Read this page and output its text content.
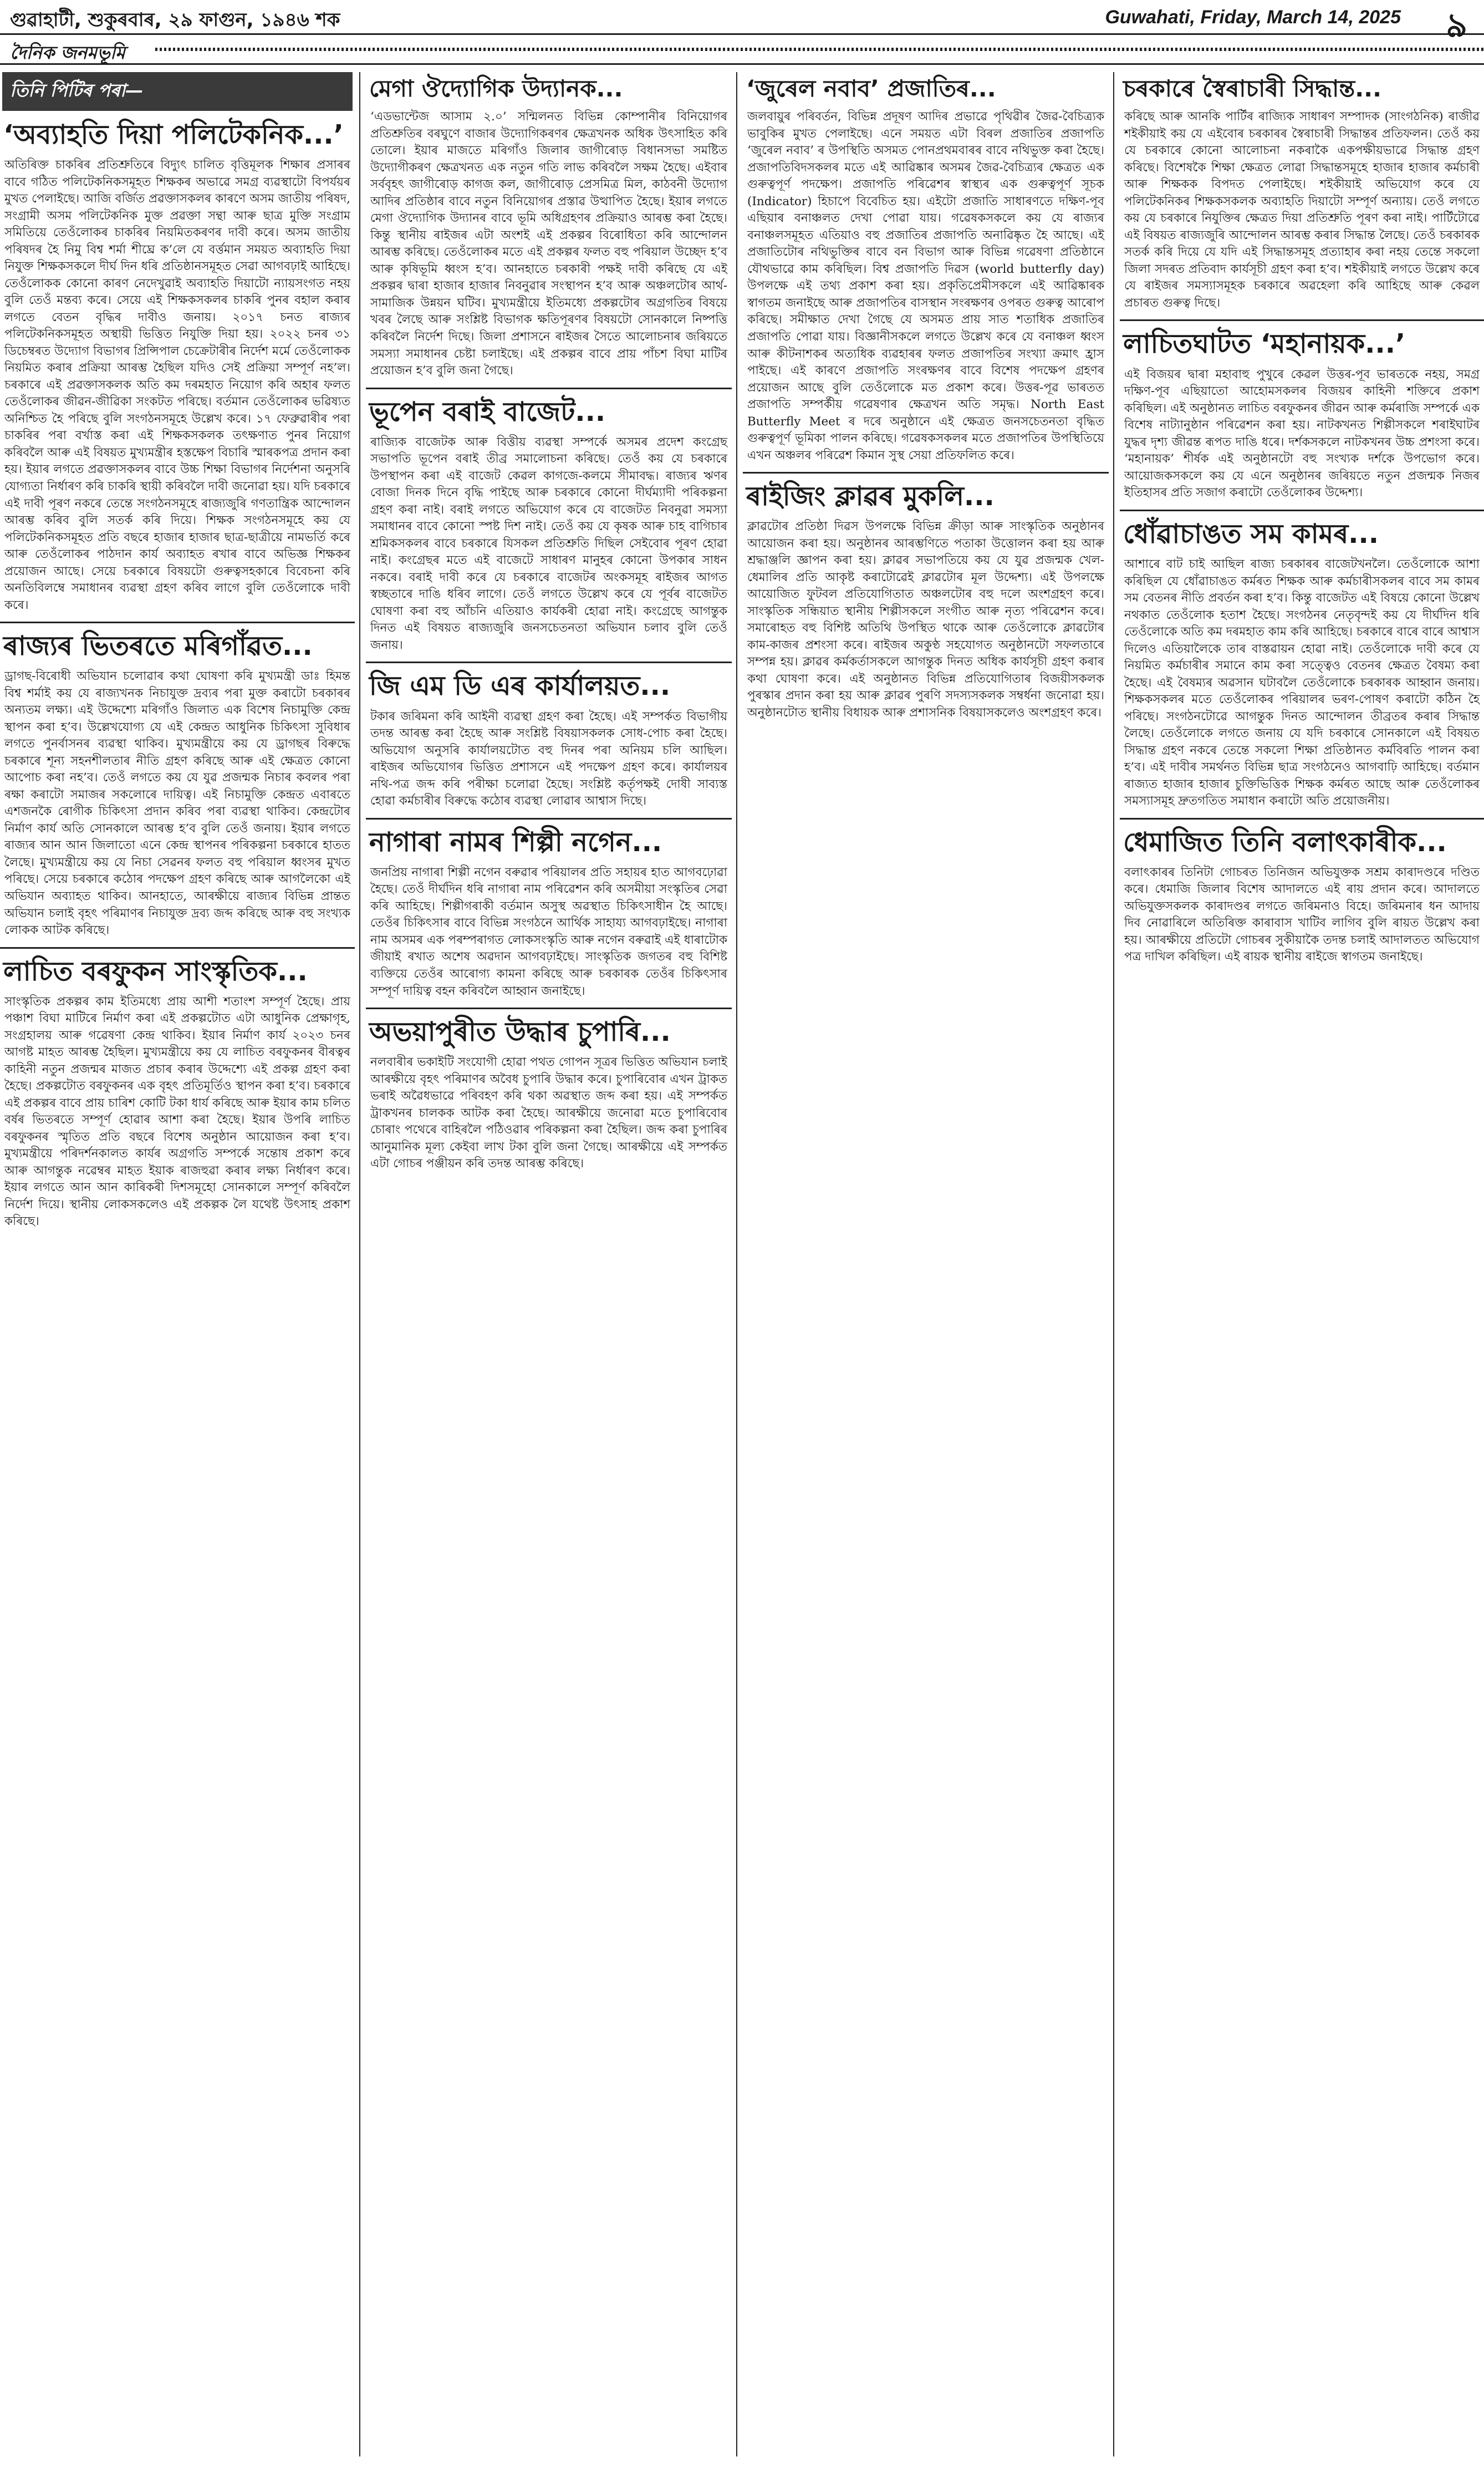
গুৱাহাটী, শুকুৰবাৰ, ২৯ ফাগুন, ১৯৪৬ শক	Guwahati, Friday, March 14, 2025 ৯
দৈনিক জনমভূমি
তিনি পিটিৰ পৰা—
‘অব্যাহতি দিয়া পলিটেকনিক...’
অতিৰিক্ত চাকৰিৰ প্ৰতিশ্ৰুতিৰে বিদ্যুৎ চালিত বৃত্তিমূলক শিক্ষাৰ প্ৰসাৰৰ বাবে গঠিত পলিটেকনিকসমূহত শিক্ষকৰ অভাৱে সমগ্ৰ ব্যৱস্থাটো বিপৰ্যয়ৰ মুখত পেলাইছে। আজি বৰ্জিত প্ৰৱক্তাসকলৰ কাৰণে অসম জাতীয় পৰিষদ, সংগ্ৰামী অসম পলিটেকনিক মুক্ত প্ৰৱক্তা সন্থা আৰু ছাত্ৰ মুক্তি সংগ্ৰাম সমিতিয়ে তেওঁলোকৰ চাকৰিৰ নিয়মিতকৰণৰ দাবী কৰে। অসম জাতীয় পৰিষদৰ হৈ নিমু বিশ্ব শৰ্মা শীঘ্ৰে ক’লে যে বৰ্ত্তমান সময়ত অব্যাহতি দিয়া নিযুক্ত শিক্ষকসকলে দীৰ্ঘ দিন ধৰি প্ৰতিষ্ঠানসমূহত সেৱা আগবঢ়াই আহিছে। তেওঁলোকক কোনো কাৰণ নেদেখুৱাই অব্যাহতি দিয়াটো ন্যায়সংগত নহয় বুলি তেওঁ মন্তব্য কৰে। সেয়ে এই শিক্ষকসকলৰ চাকৰি পুনৰ বহাল কৰাৰ লগতে বেতন বৃদ্ধিৰ দাবীও জনায়। ২০১৭ চনত ৰাজ্যৰ পলিটেকনিকসমূহত অস্থায়ী ভিত্তিত নিযুক্তি দিয়া হয়। ২০২২ চনৰ ৩১ ডিচেম্বৰত উদ্যোগ বিভাগৰ প্ৰিন্সিপাল চেক্ৰেটাৰীৰ নিৰ্দেশ মৰ্মে তেওঁলোকক নিয়মিত কৰাৰ প্ৰক্ৰিয়া আৰম্ভ হৈছিল যদিও সেই প্ৰক্ৰিয়া সম্পূৰ্ণ নহ’ল। চৰকাৰে এই প্ৰৱক্তাসকলক অতি কম দৰমহাত নিয়োগ কৰি অহাৰ ফলত তেওঁলোকৰ জীৱন-জীৱিকা সংকটত পৰিছে। বৰ্তমান তেওঁলোকৰ ভৱিষ্যত অনিশ্চিত হৈ পৰিছে বুলি সংগঠনসমূহে উল্লেখ কৰে। ১৭ ফেব্ৰুৱাৰীৰ পৰা চাকৰিৰ পৰা বৰ্খাস্ত কৰা এই শিক্ষকসকলক তৎক্ষণাত পুনৰ নিয়োগ কৰিবলৈ আৰু এই বিষয়ত মুখ্যমন্ত্ৰীৰ হস্তক্ষেপ বিচাৰি স্মাৰকপত্ৰ প্ৰদান কৰা হয়। ইয়াৰ লগতে প্ৰৱক্তাসকলৰ বাবে উচ্চ শিক্ষা বিভাগৰ নিৰ্দেশনা অনুসৰি যোগ্যতা নিৰ্ধাৰণ কৰি চাকৰি স্থায়ী কৰিবলৈ দাবী জনোৱা হয়। যদি চৰকাৰে এই দাবী পূৰণ নকৰে তেন্তে সংগঠনসমূহে ৰাজ্যজুৰি গণতান্ত্ৰিক আন্দোলন আৰম্ভ কৰিব বুলি সতৰ্ক কৰি দিয়ে। শিক্ষক সংগঠনসমূহে কয় যে পলিটেকনিকসমূহত প্ৰতি বছৰে হাজাৰ হাজাৰ ছাত্ৰ-ছাত্ৰীয়ে নামভৰ্তি কৰে আৰু তেওঁলোকৰ পাঠদান কাৰ্য অব্যাহত ৰখাৰ বাবে অভিজ্ঞ শিক্ষকৰ প্ৰয়োজন আছে। সেয়ে চৰকাৰে বিষয়টো গুৰুত্বসহকাৰে বিবেচনা কৰি অনতিবিলম্বে সমাধানৰ ব্যৱস্থা গ্ৰহণ কৰিব লাগে বুলি তেওঁলোকে দাবী কৰে।
ৰাজ্যৰ ভিতৰতে মৰিগাঁৱত...
ড্ৰাগছ-বিৰোধী অভিযান চলোৱাৰ কথা ঘোষণা কৰি মুখ্যমন্ত্ৰী ডাঃ হিমন্ত বিশ্ব শৰ্মাই কয় যে ৰাজ্যখনক নিচাযুক্ত দ্ৰব্যৰ পৰা মুক্ত কৰাটো চৰকাৰৰ অন্যতম লক্ষ্য। এই উদ্দেশ্যে মৰিগাঁও জিলাত এক বিশেষ নিচামুক্তি কেন্দ্ৰ স্থাপন কৰা হ’ব। উল্লেখযোগ্য যে এই কেন্দ্ৰত আধুনিক চিকিৎসা সুবিধাৰ লগতে পুনৰ্বাসনৰ ব্যৱস্থা থাকিব। মুখ্যমন্ত্ৰীয়ে কয় যে ড্ৰাগছৰ বিৰুদ্ধে চৰকাৰে শূন্য সহনশীলতাৰ নীতি গ্ৰহণ কৰিছে আৰু এই ক্ষেত্ৰত কোনো আপোচ কৰা নহ’ব। তেওঁ লগতে কয় যে যুৱ প্ৰজন্মক নিচাৰ কবলৰ পৰা ৰক্ষা কৰাটো সমাজৰ সকলোৰে দায়িত্ব। এই নিচামুক্তি কেন্দ্ৰত এবাৰতে এশজনকৈ ৰোগীক চিকিৎসা প্ৰদান কৰিব পৰা ব্যৱস্থা থাকিব। কেন্দ্ৰটোৰ নিৰ্মাণ কাৰ্য অতি সোনকালে আৰম্ভ হ’ব বুলি তেওঁ জনায়। ইয়াৰ লগতে ৰাজ্যৰ আন আন জিলাতো এনে কেন্দ্ৰ স্থাপনৰ পৰিকল্পনা চৰকাৰে হাতত লৈছে। মুখ্যমন্ত্ৰীয়ে কয় যে নিচা সেৱনৰ ফলত বহু পৰিয়াল ধ্বংসৰ মুখত পৰিছে। সেয়ে চৰকাৰে কঠোৰ পদক্ষেপ গ্ৰহণ কৰিছে আৰু আগলৈকো এই অভিযান অব্যাহত থাকিব। আনহাতে, আৰক্ষীয়ে ৰাজ্যৰ বিভিন্ন প্ৰান্তত অভিযান চলাই বৃহৎ পৰিমাণৰ নিচাযুক্ত দ্ৰব্য জব্দ কৰিছে আৰু বহু সংখ্যক লোকক আটক কৰিছে।
লাচিত বৰফুকন সাংস্কৃতিক...
সাংস্কৃতিক প্ৰকল্পৰ কাম ইতিমধ্যে প্ৰায় আশী শতাংশ সম্পূৰ্ণ হৈছে। প্ৰায় পঞ্চাশ বিঘা মাটিৰে নিৰ্মাণ কৰা এই প্ৰকল্পটোত এটা আধুনিক প্ৰেক্ষাগৃহ, সংগ্ৰহালয় আৰু গৱেষণা কেন্দ্ৰ থাকিব। ইয়াৰ নিৰ্মাণ কাৰ্য ২০২৩ চনৰ আগষ্ট মাহত আৰম্ভ হৈছিল। মুখ্যমন্ত্ৰীয়ে কয় যে লাচিত বৰফুকনৰ বীৰত্বৰ কাহিনী নতুন প্ৰজন্মৰ মাজত প্ৰচাৰ কৰাৰ উদ্দেশ্যে এই প্ৰকল্প গ্ৰহণ কৰা হৈছে। প্ৰকল্পটোত বৰফুকনৰ এক বৃহৎ প্ৰতিমূৰ্তিও স্থাপন কৰা হ’ব। চৰকাৰে এই প্ৰকল্পৰ বাবে প্ৰায় চাৰিশ কোটি টকা ধাৰ্য কৰিছে আৰু ইয়াৰ কাম চলিত বৰ্ষৰ ভিতৰতে সম্পূৰ্ণ হোৱাৰ আশা কৰা হৈছে। ইয়াৰ উপৰি লাচিত বৰফুকনৰ স্মৃতিত প্ৰতি বছৰে বিশেষ অনুষ্ঠান আয়োজন কৰা হ’ব। মুখ্যমন্ত্ৰীয়ে পৰিদৰ্শনকালত কাৰ্যৰ অগ্ৰগতি সম্পৰ্কে সন্তোষ প্ৰকাশ কৰে আৰু আগন্তুক নৱেম্বৰ মাহত ইয়াক ৰাজহুৱা কৰাৰ লক্ষ্য নিৰ্ধাৰণ কৰে। ইয়াৰ লগতে আন আন কাৰিকৰী দিশসমূহো সোনকালে সম্পূৰ্ণ কৰিবলৈ নিৰ্দেশ দিয়ে। স্থানীয় লোকসকলেও এই প্ৰকল্পক লৈ যথেষ্ট উৎসাহ প্ৰকাশ কৰিছে।
মেগা ঔদ্যোগিক উদ্যানক...
‘এডভান্টেজ আসাম ২.০’ সন্মিলনত বিভিন্ন কোম্পানীৰ বিনিয়োগৰ প্ৰতিশ্ৰুতিৰ বৰঘুণে বাজাৰ উদ্যোগিকৰণৰ ক্ষেত্ৰখনক অধিক উৎসাহিত কৰি তোলে। ইয়াৰ মাজতে মৰিগাঁও জিলাৰ জাগীৰোড় বিধানসভা সমষ্টিত উদ্যোগীকৰণ ক্ষেত্ৰখনত এক নতুন গতি লাভ কৰিবলৈ সক্ষম হৈছে। এইবাৰ সৰ্ববৃহৎ জাগীৰোড় কাগজ কল, জাগীৰোড় প্ৰেসমিত্ৰ মিল, কাঠবনী উদ্যোগ আদিৰ প্ৰতিষ্ঠাৰ বাবে নতুন বিনিয়োগৰ প্ৰস্তাৱ উত্থাপিত হৈছে। ইয়াৰ লগতে মেগা ঔদ্যোগিক উদ্যানৰ বাবে ভূমি অধিগ্ৰহণৰ প্ৰক্ৰিয়াও আৰম্ভ কৰা হৈছে। কিন্তু স্থানীয় ৰাইজৰ এটা অংশই এই প্ৰকল্পৰ বিৰোধিতা কৰি আন্দোলন আৰম্ভ কৰিছে। তেওঁলোকৰ মতে এই প্ৰকল্পৰ ফলত বহু পৰিয়াল উচ্ছেদ হ’ব আৰু কৃষিভূমি ধ্বংস হ’ব। আনহাতে চৰকাৰী পক্ষই দাবী কৰিছে যে এই প্ৰকল্পৰ দ্বাৰা হাজাৰ হাজাৰ নিবনুৱাৰ সংস্থাপন হ’ব আৰু অঞ্চলটোৰ আৰ্থ-সামাজিক উন্নয়ন ঘটিব। মুখ্যমন্ত্ৰীয়ে ইতিমধ্যে প্ৰকল্পটোৰ অগ্ৰগতিৰ বিষয়ে খবৰ লৈছে আৰু সংশ্লিষ্ট বিভাগক ক্ষতিপূৰণৰ বিষয়টো সোনকালে নিষ্পত্তি কৰিবলৈ নিৰ্দেশ দিছে। জিলা প্ৰশাসনে ৰাইজৰ সৈতে আলোচনাৰ জৰিয়তে সমস্যা সমাধানৰ চেষ্টা চলাইছে। এই প্ৰকল্পৰ বাবে প্ৰায় পাঁচশ বিঘা মাটিৰ প্ৰয়োজন হ’ব বুলি জনা গৈছে।
ভূপেন বৰাই বাজেট...
ৰাজ্যিক বাজেটক আৰু বিত্তীয় ব্যৱস্থা সম্পৰ্কে অসমৰ প্ৰদেশ কংগ্ৰেছ সভাপতি ভূপেন বৰাই তীব্ৰ সমালোচনা কৰিছে। তেওঁ কয় যে চৰকাৰে উপস্থাপন কৰা এই বাজেট কেৱল কাগজে-কলমে সীমাবদ্ধ। ৰাজ্যৰ ঋণৰ বোজা দিনক দিনে বৃদ্ধি পাইছে আৰু চৰকাৰে কোনো দীৰ্ঘম্যাদী পৰিকল্পনা গ্ৰহণ কৰা নাই। বৰাই লগতে অভিযোগ কৰে যে বাজেটত নিবনুৱা সমস্যা সমাধানৰ বাবে কোনো স্পষ্ট দিশ নাই। তেওঁ কয় যে কৃষক আৰু চাহ বাগিচাৰ শ্ৰমিকসকলৰ বাবে চৰকাৰে যিসকল প্ৰতিশ্ৰুতি দিছিল সেইবোৰ পূৰণ হোৱা নাই। কংগ্ৰেছৰ মতে এই বাজেটে সাধাৰণ মানুহৰ কোনো উপকাৰ সাধন নকৰে। বৰাই দাবী কৰে যে চৰকাৰে বাজেটৰ অংকসমূহ ৰাইজৰ আগত স্বচ্ছতাৰে দাঙি ধৰিব লাগে। তেওঁ লগতে উল্লেখ কৰে যে পূৰ্বৰ বাজেটত ঘোষণা কৰা বহু আঁচনি এতিয়াও কাৰ্যকৰী হোৱা নাই। কংগ্ৰেছে আগন্তুক দিনত এই বিষয়ত ৰাজ্যজুৰি জনসচেতনতা অভিযান চলাব বুলি তেওঁ জনায়।
জি এম ডি এৰ কাৰ্যালয়ত...
টকাৰ জৰিমনা কৰি আইনী ব্যৱস্থা গ্ৰহণ কৰা হৈছে। এই সম্পৰ্কত বিভাগীয় তদন্ত আৰম্ভ কৰা হৈছে আৰু সংশ্লিষ্ট বিষয়াসকলক সোধ-পোচ কৰা হৈছে। অভিযোগ অনুসৰি কাৰ্যালয়টোত বহু দিনৰ পৰা অনিয়ম চলি আছিল। ৰাইজৰ অভিযোগৰ ভিত্তিত প্ৰশাসনে এই পদক্ষেপ গ্ৰহণ কৰে। কাৰ্যালয়ৰ নথি-পত্ৰ জব্দ কৰি পৰীক্ষা চলোৱা হৈছে। সংশ্লিষ্ট কৰ্তৃপক্ষই দোষী সাব্যস্ত হোৱা কৰ্মচাৰীৰ বিৰুদ্ধে কঠোৰ ব্যৱস্থা লোৱাৰ আশ্বাস দিছে।
নাগাৰা নামৰ শিল্পী নগেন...
জনপ্ৰিয় নাগাৰা শিল্পী নগেন বৰুৱাৰ পৰিয়ালৰ প্ৰতি সহায়ৰ হাত আগবঢ়োৱা হৈছে। তেওঁ দীৰ্ঘদিন ধৰি নাগাৰা নাম পৰিৱেশন কৰি অসমীয়া সংস্কৃতিৰ সেৱা কৰি আহিছে। শিল্পীগৰাকী বৰ্তমান অসুস্থ অৱস্থাত চিকিৎসাধীন হৈ আছে। তেওঁৰ চিকিৎসাৰ বাবে বিভিন্ন সংগঠনে আৰ্থিক সাহায্য আগবঢ়াইছে। নাগাৰা নাম অসমৰ এক পৰম্পৰাগত লোকসংস্কৃতি আৰু নগেন বৰুৱাই এই ধাৰাটোক জীয়াই ৰখাত অশেষ অৱদান আগবঢ়াইছে। সাংস্কৃতিক জগতৰ বহু বিশিষ্ট ব্যক্তিয়ে তেওঁৰ আৰোগ্য কামনা কৰিছে আৰু চৰকাৰক তেওঁৰ চিকিৎসাৰ সম্পূৰ্ণ দায়িত্ব বহন কৰিবলৈ আহ্বান জনাইছে।
অভয়াপুৰীত উদ্ধাৰ চুপাৰি...
নলবাৰীৰ ভকাইটি সংযোগী হোৱা পথত গোপন সূত্ৰৰ ভিত্তিত অভিযান চলাই আৰক্ষীয়ে বৃহৎ পৰিমাণৰ অবৈধ চুপাৰি উদ্ধাৰ কৰে। চুপাৰিবোৰ এখন ট্ৰাকত ভৰাই অৱৈধভাৱে পৰিবহণ কৰি থকা অৱস্থাত জব্দ কৰা হয়। এই সম্পৰ্কত ট্ৰাকখনৰ চালকক আটক কৰা হৈছে। আৰক্ষীয়ে জনোৱা মতে চুপাৰিবোৰ চোৰাং পথেৰে বাহিৰলৈ পঠিওৱাৰ পৰিকল্পনা কৰা হৈছিল। জব্দ কৰা চুপাৰিৰ আনুমানিক মূল্য কেইবা লাখ টকা বুলি জনা গৈছে। আৰক্ষীয়ে এই সম্পৰ্কত এটা গোচৰ পঞ্জীয়ন কৰি তদন্ত আৰম্ভ কৰিছে।
‘জুৰেল নবাব’ প্ৰজাতিৰ...
জলবায়ুৰ পৰিবৰ্তন, বিভিন্ন প্ৰদূষণ আদিৰ প্ৰভাৱে পৃথিৱীৰ জৈৱ-বৈচিত্ৰ্যক ভাবুকিৰ মুখত পেলাইছে। এনে সময়ত এটা বিৰল প্ৰজাতিৰ প্ৰজাপতি ‘জুৰেল নবাব’ ৰ উপস্থিতি অসমত পোনপ্ৰথমবাৰৰ বাবে নথিভুক্ত কৰা হৈছে। প্ৰজাপতিবিদসকলৰ মতে এই আৱিষ্কাৰ অসমৰ জৈৱ-বৈচিত্ৰ্যৰ ক্ষেত্ৰত এক গুৰুত্বপূৰ্ণ পদক্ষেপ। প্ৰজাপতি পৰিৱেশৰ স্বাস্থ্যৰ এক গুৰুত্বপূৰ্ণ সূচক (Indicator) হিচাপে বিবেচিত হয়। এইটো প্ৰজাতি সাধাৰণতে দক্ষিণ-পূব এছিয়াৰ বনাঞ্চলত দেখা পোৱা যায়। গৱেষকসকলে কয় যে ৰাজ্যৰ বনাঞ্চলসমূহত এতিয়াও বহু প্ৰজাতিৰ প্ৰজাপতি অনাৱিষ্কৃত হৈ আছে। এই প্ৰজাতিটোৰ নথিভুক্তিৰ বাবে বন বিভাগ আৰু বিভিন্ন গৱেষণা প্ৰতিষ্ঠানে যৌথভাৱে কাম কৰিছিল। বিশ্ব প্ৰজাপতি দিৱস (world butterfly day) উপলক্ষে এই তথ্য প্ৰকাশ কৰা হয়। প্ৰকৃতিপ্ৰেমীসকলে এই আৱিষ্কাৰক স্বাগতম জনাইছে আৰু প্ৰজাপতিৰ বাসস্থান সংৰক্ষণৰ ওপৰত গুৰুত্ব আৰোপ কৰিছে। সমীক্ষাত দেখা গৈছে যে অসমত প্ৰায় সাত শতাধিক প্ৰজাতিৰ প্ৰজাপতি পোৱা যায়। বিজ্ঞানীসকলে লগতে উল্লেখ কৰে যে বনাঞ্চল ধ্বংস আৰু কীটনাশকৰ অত্যধিক ব্যৱহাৰৰ ফলত প্ৰজাপতিৰ সংখ্যা ক্ৰমাৎ হ্ৰাস পাইছে। এই কাৰণে প্ৰজাপতি সংৰক্ষণৰ বাবে বিশেষ পদক্ষেপ গ্ৰহণৰ প্ৰয়োজন আছে বুলি তেওঁলোকে মত প্ৰকাশ কৰে। উত্তৰ-পূৱ ভাৰতত প্ৰজাপতি সম্পৰ্কীয় গৱেষণাৰ ক্ষেত্ৰখন অতি সমৃদ্ধ। North East Butterfly Meet ৰ দৰে অনুষ্ঠানে এই ক্ষেত্ৰত জনসচেতনতা বৃদ্ধিত গুৰুত্বপূৰ্ণ ভূমিকা পালন কৰিছে। গৱেষকসকলৰ মতে প্ৰজাপতিৰ উপস্থিতিয়ে এখন অঞ্চলৰ পৰিৱেশ কিমান সুস্থ সেয়া প্ৰতিফলিত কৰে।
ৰাইজিং ক্লাৱৰ মুকলি...
ক্লাৱটোৰ প্ৰতিষ্ঠা দিৱস উপলক্ষে বিভিন্ন ক্ৰীড়া আৰু সাংস্কৃতিক অনুষ্ঠানৰ আয়োজন কৰা হয়। অনুষ্ঠানৰ আৰম্ভণিতে পতাকা উত্তোলন কৰা হয় আৰু শ্ৰদ্ধাঞ্জলি জ্ঞাপন কৰা হয়। ক্লাৱৰ সভাপতিয়ে কয় যে যুৱ প্ৰজন্মক খেল-ধেমালিৰ প্ৰতি আকৃষ্ট কৰাটোৱেই ক্লাৱটোৰ মূল উদ্দেশ্য। এই উপলক্ষে আয়োজিত ফুটবল প্ৰতিযোগিতাত অঞ্চলটোৰ বহু দলে অংশগ্ৰহণ কৰে। সাংস্কৃতিক সন্ধিয়াত স্থানীয় শিল্পীসকলে সংগীত আৰু নৃত্য পৰিৱেশন কৰে। সমাৰোহত বহু বিশিষ্ট অতিথি উপস্থিত থাকে আৰু তেওঁলোকে ক্লাৱটোৰ কাম-কাজৰ প্ৰশংসা কৰে। ৰাইজৰ অকুণ্ঠ সহযোগত অনুষ্ঠানটো সফলতাৰে সম্পন্ন হয়। ক্লাৱৰ কৰ্মকৰ্তাসকলে আগন্তুক দিনত অধিক কাৰ্যসূচী গ্ৰহণ কৰাৰ কথা ঘোষণা কৰে। এই অনুষ্ঠানত বিভিন্ন প্ৰতিযোগিতাৰ বিজয়ীসকলক পুৰস্কাৰ প্ৰদান কৰা হয় আৰু ক্লাৱৰ পুৰণি সদস্যসকলক সম্বৰ্ধনা জনোৱা হয়। অনুষ্ঠানটোত স্থানীয় বিধায়ক আৰু প্ৰশাসনিক বিষয়াসকলেও অংশগ্ৰহণ কৰে।
চৰকাৰে স্বৈৰাচাৰী সিদ্ধান্ত...
কৰিছে আৰু আনকি পার্টিৰ ৰাজ্যিক সাধাৰণ সম্পাদক (সাংগঠনিক) ৰাজীৱ শইকীয়াই কয় যে এইবোৰ চৰকাৰৰ স্বৈৰাচাৰী সিদ্ধান্তৰ প্ৰতিফলন। তেওঁ কয় যে চৰকাৰে কোনো আলোচনা নকৰাকৈ একপক্ষীয়ভাৱে সিদ্ধান্ত গ্ৰহণ কৰিছে। বিশেষকৈ শিক্ষা ক্ষেত্ৰত লোৱা সিদ্ধান্তসমূহে হাজাৰ হাজাৰ কৰ্মচাৰী আৰু শিক্ষকক বিপদত পেলাইছে। শইকীয়াই অভিযোগ কৰে যে পলিটেকনিকৰ শিক্ষকসকলক অব্যাহতি দিয়াটো সম্পূৰ্ণ অন্যায়। তেওঁ লগতে কয় যে চৰকাৰে নিযুক্তিৰ ক্ষেত্ৰত দিয়া প্ৰতিশ্ৰুতি পূৰণ কৰা নাই। পার্টিটোৱে এই বিষয়ত ৰাজ্যজুৰি আন্দোলন আৰম্ভ কৰাৰ সিদ্ধান্ত লৈছে। তেওঁ চৰকাৰক সতৰ্ক কৰি দিয়ে যে যদি এই সিদ্ধান্তসমূহ প্ৰত্যাহাৰ কৰা নহয় তেন্তে সকলো জিলা সদৰত প্ৰতিবাদ কাৰ্যসূচী গ্ৰহণ কৰা হ’ব। শইকীয়াই লগতে উল্লেখ কৰে যে ৰাইজৰ সমস্যাসমূহক চৰকাৰে অৱহেলা কৰি আহিছে আৰু কেৱল প্ৰচাৰত গুৰুত্ব দিছে।
লাচিতঘাটত ‘মহানায়ক...’
এই বিজয়ৰ দ্বাৰা মহাবাহু পুখুৰে কেৱল উত্তৰ-পূব ভাৰতকে নহয়, সমগ্ৰ দক্ষিণ-পূব এছিয়াতো আহোমসকলৰ বিজয়ৰ কাহিনী শক্তিৰে প্ৰকাশ কৰিছিল। এই অনুষ্ঠানত লাচিত বৰফুকনৰ জীৱন আৰু কৰ্মৰাজি সম্পৰ্কে এক বিশেষ নাট্যানুষ্ঠান পৰিৱেশন কৰা হয়। নাটকখনত শিল্পীসকলে শৰাইঘাটৰ যুদ্ধৰ দৃশ্য জীৱন্ত ৰূপত দাঙি ধৰে। দৰ্শকসকলে নাটকখনৰ উচ্চ প্ৰশংসা কৰে। ‘মহানায়ক’ শীৰ্ষক এই অনুষ্ঠানটো বহু সংখ্যক দৰ্শকে উপভোগ কৰে। আয়োজকসকলে কয় যে এনে অনুষ্ঠানৰ জৰিয়তে নতুন প্ৰজন্মক নিজৰ ইতিহাসৰ প্ৰতি সজাগ কৰাটো তেওঁলোকৰ উদ্দেশ্য।
ধোঁৱাচাঙত সম কামৰ...
আশাৰে বাট চাই আছিল ৰাজ্য চৰকাৰৰ বাজেটখনলৈ। তেওঁলোকে আশা কৰিছিল যে ধোঁৱাচাঙত কৰ্মৰত শিক্ষক আৰু কৰ্মচাৰীসকলৰ বাবে সম কামৰ সম বেতনৰ নীতি প্ৰবৰ্তন কৰা হ’ব। কিন্তু বাজেটত এই বিষয়ে কোনো উল্লেখ নথকাত তেওঁলোক হতাশ হৈছে। সংগঠনৰ নেতৃবৃন্দই কয় যে দীৰ্ঘদিন ধৰি তেওঁলোকে অতি কম দৰমহাত কাম কৰি আহিছে। চৰকাৰে বাৰে বাৰে আশ্বাস দিলেও এতিয়ালৈকে তাৰ বাস্তৱায়ন হোৱা নাই। তেওঁলোকে দাবী কৰে যে নিয়মিত কৰ্মচাৰীৰ সমানে কাম কৰা সত্ত্বেও বেতনৰ ক্ষেত্ৰত বৈষম্য কৰা হৈছে। এই বৈষম্যৰ অৱসান ঘটাবলৈ তেওঁলোকে চৰকাৰক আহ্বান জনায়। শিক্ষকসকলৰ মতে তেওঁলোকৰ পৰিয়ালৰ ভৰণ-পোষণ কৰাটো কঠিন হৈ পৰিছে। সংগঠনটোৱে আগন্তুক দিনত আন্দোলন তীব্ৰতৰ কৰাৰ সিদ্ধান্ত লৈছে। তেওঁলোকে লগতে জনায় যে যদি চৰকাৰে সোনকালে এই বিষয়ত সিদ্ধান্ত গ্ৰহণ নকৰে তেন্তে সকলো শিক্ষা প্ৰতিষ্ঠানত কৰ্মবিৰতি পালন কৰা হ’ব। এই দাবীৰ সমৰ্থনত বিভিন্ন ছাত্ৰ সংগঠনেও আগবাঢ়ি আহিছে। বৰ্তমান ৰাজ্যত হাজাৰ হাজাৰ চুক্তিভিত্তিক শিক্ষক কৰ্মৰত আছে আৰু তেওঁলোকৰ সমস্যাসমূহ দ্ৰুতগতিত সমাধান কৰাটো অতি প্ৰয়োজনীয়।
ধেমাজিত তিনি বলাৎকাৰীক...
বলাৎকাৰৰ তিনিটা গোচৰত তিনিজন অভিযুক্তক সশ্ৰম কাৰাদণ্ডৰে দণ্ডিত কৰে। ধেমাজি জিলাৰ বিশেষ আদালতে এই ৰায় প্ৰদান কৰে। আদালতে অভিযুক্তসকলক কাৰাদণ্ডৰ লগতে জৰিমনাও বিহে। জৰিমনাৰ ধন আদায় দিব নোৱাৰিলে অতিৰিক্ত কাৰাবাস খাটিব লাগিব বুলি ৰায়ত উল্লেখ কৰা হয়। আৰক্ষীয়ে প্ৰতিটো গোচৰৰ সুকীয়াকৈ তদন্ত চলাই আদালতত অভিযোগ পত্ৰ দাখিল কৰিছিল। এই ৰায়ক স্থানীয় ৰাইজে স্বাগতম জনাইছে।
